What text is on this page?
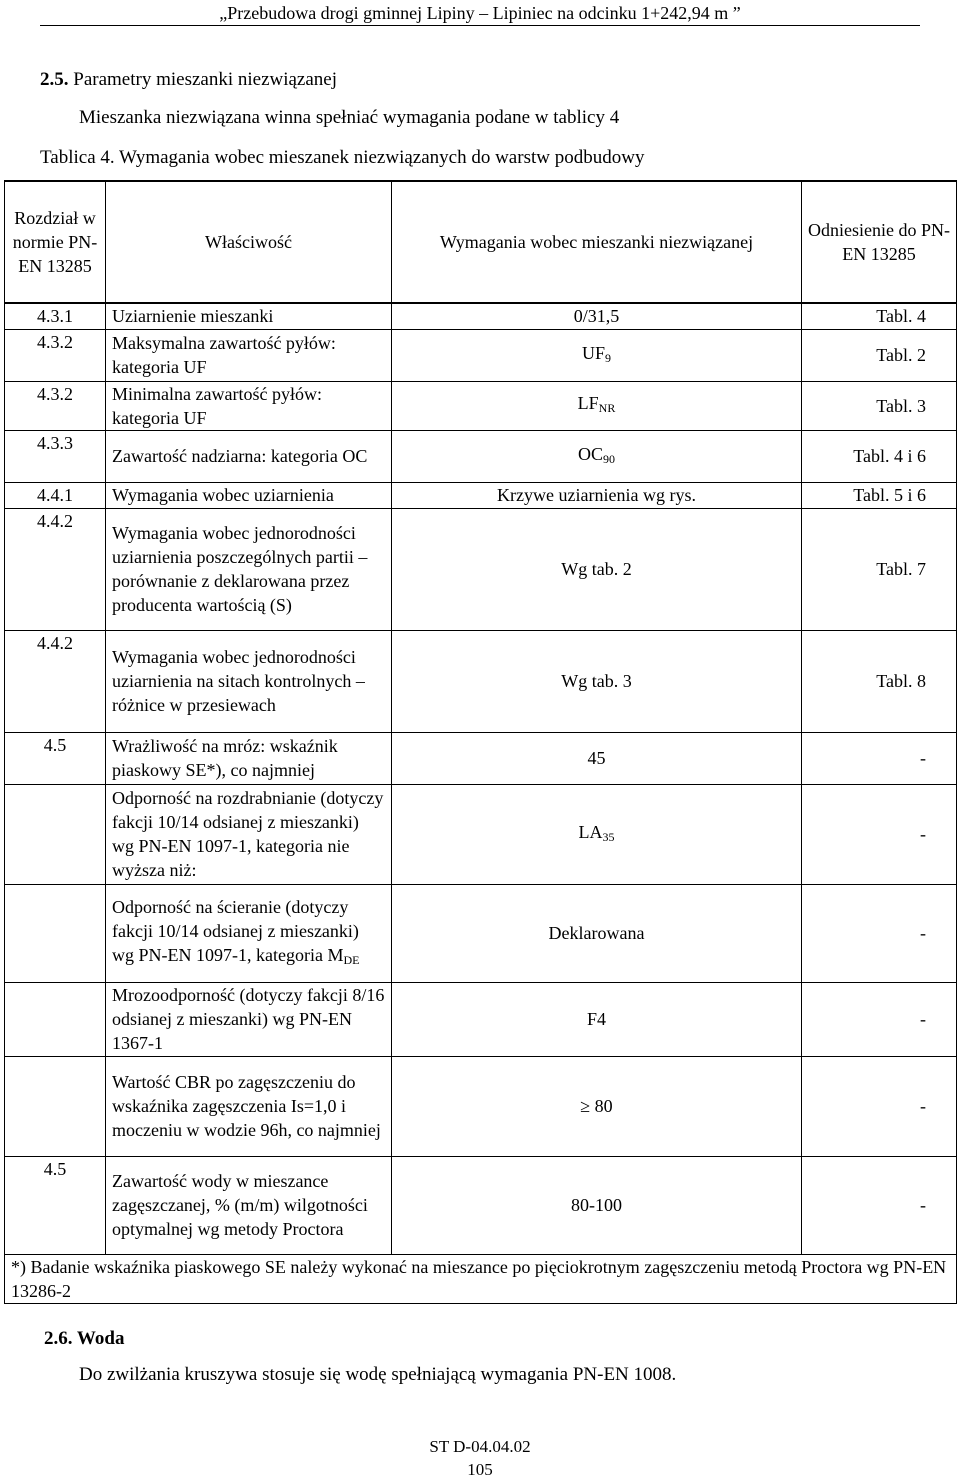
„Przebudowa drogi gminnej Lipiny – Lipiniec na odcinku 1+242,94 m ”
2.5. Parametry mieszanki niezwiązanej
Mieszanka niezwiązana winna spełniać wymagania podane w tablicy 4
Tablica 4. Wymagania wobec mieszanek niezwiązanych do warstw podbudowy
Rozdział w normie PN-EN 13285	Właściwość	Wymagania wobec mieszanki niezwiązanej	Odniesienie do PN-EN 13285
4.3.1	Uziarnienie mieszanki	0/31,5	Tabl. 4
4.3.2	Maksymalna zawartość pyłów: kategoria UF	$UF_9$	Tabl. 2
4.3.2	Minimalna zawartość pyłów: kategoria UF	$LF_{NR}$	Tabl. 3
4.3.3	Zawartość nadziarna: kategoria OC	$OC_{90}$	Tabl. 4 i 6
4.4.1	Wymagania wobec uziarnienia	Krzywe uziarnienia wg rys.	Tabl. 5 i 6
4.4.2	Wymagania wobec jednorodności uziarnienia poszczególnych partii – porównanie z deklarowana przez producenta wartością (S)	Wg tab. 2	Tabl. 7
4.4.2	Wymagania wobec jednorodności uziarnienia na sitach kontrolnych – różnice w przesiewach	Wg tab. 3	Tabl. 8
4.5	Wrażliwość na mróz: wskaźnik piaskowy SE*), co najmniej	45	-
	Odporność na rozdrabnianie (dotyczy fakcji 10/14 odsianej z mieszanki) wg PN-EN 1097-1, kategoria nie wyższa niż:	$LA_{35}$	-
	Odporność na ścieranie (dotyczy fakcji 10/14 odsianej z mieszanki) wg PN-EN 1097-1, kategoria $M_{DE}$	Deklarowana	-
	Mrozoodporność (dotyczy fakcji 8/16 odsianej z mieszanki) wg PN-EN 1367-1	F4	-
	Wartość CBR po zagęszczeniu do wskaźnika zagęszczenia Is=1,0 i moczeniu w wodzie 96h, co najmniej	≥ 80	-
4.5	Zawartość wody w mieszance zagęszczanej, % (m/m) wilgotności optymalnej wg metody Proctora	80-100	-
*) Badanie wskaźnika piaskowego SE należy wykonać na mieszance po pięciokrotnym zagęszczeniu metodą Proctora wg PN-EN 13286-2			
2.6. Woda
Do zwilżania kruszywa stosuje się wodę spełniającą wymagania PN-EN 1008.
ST D-04.04.02
105
